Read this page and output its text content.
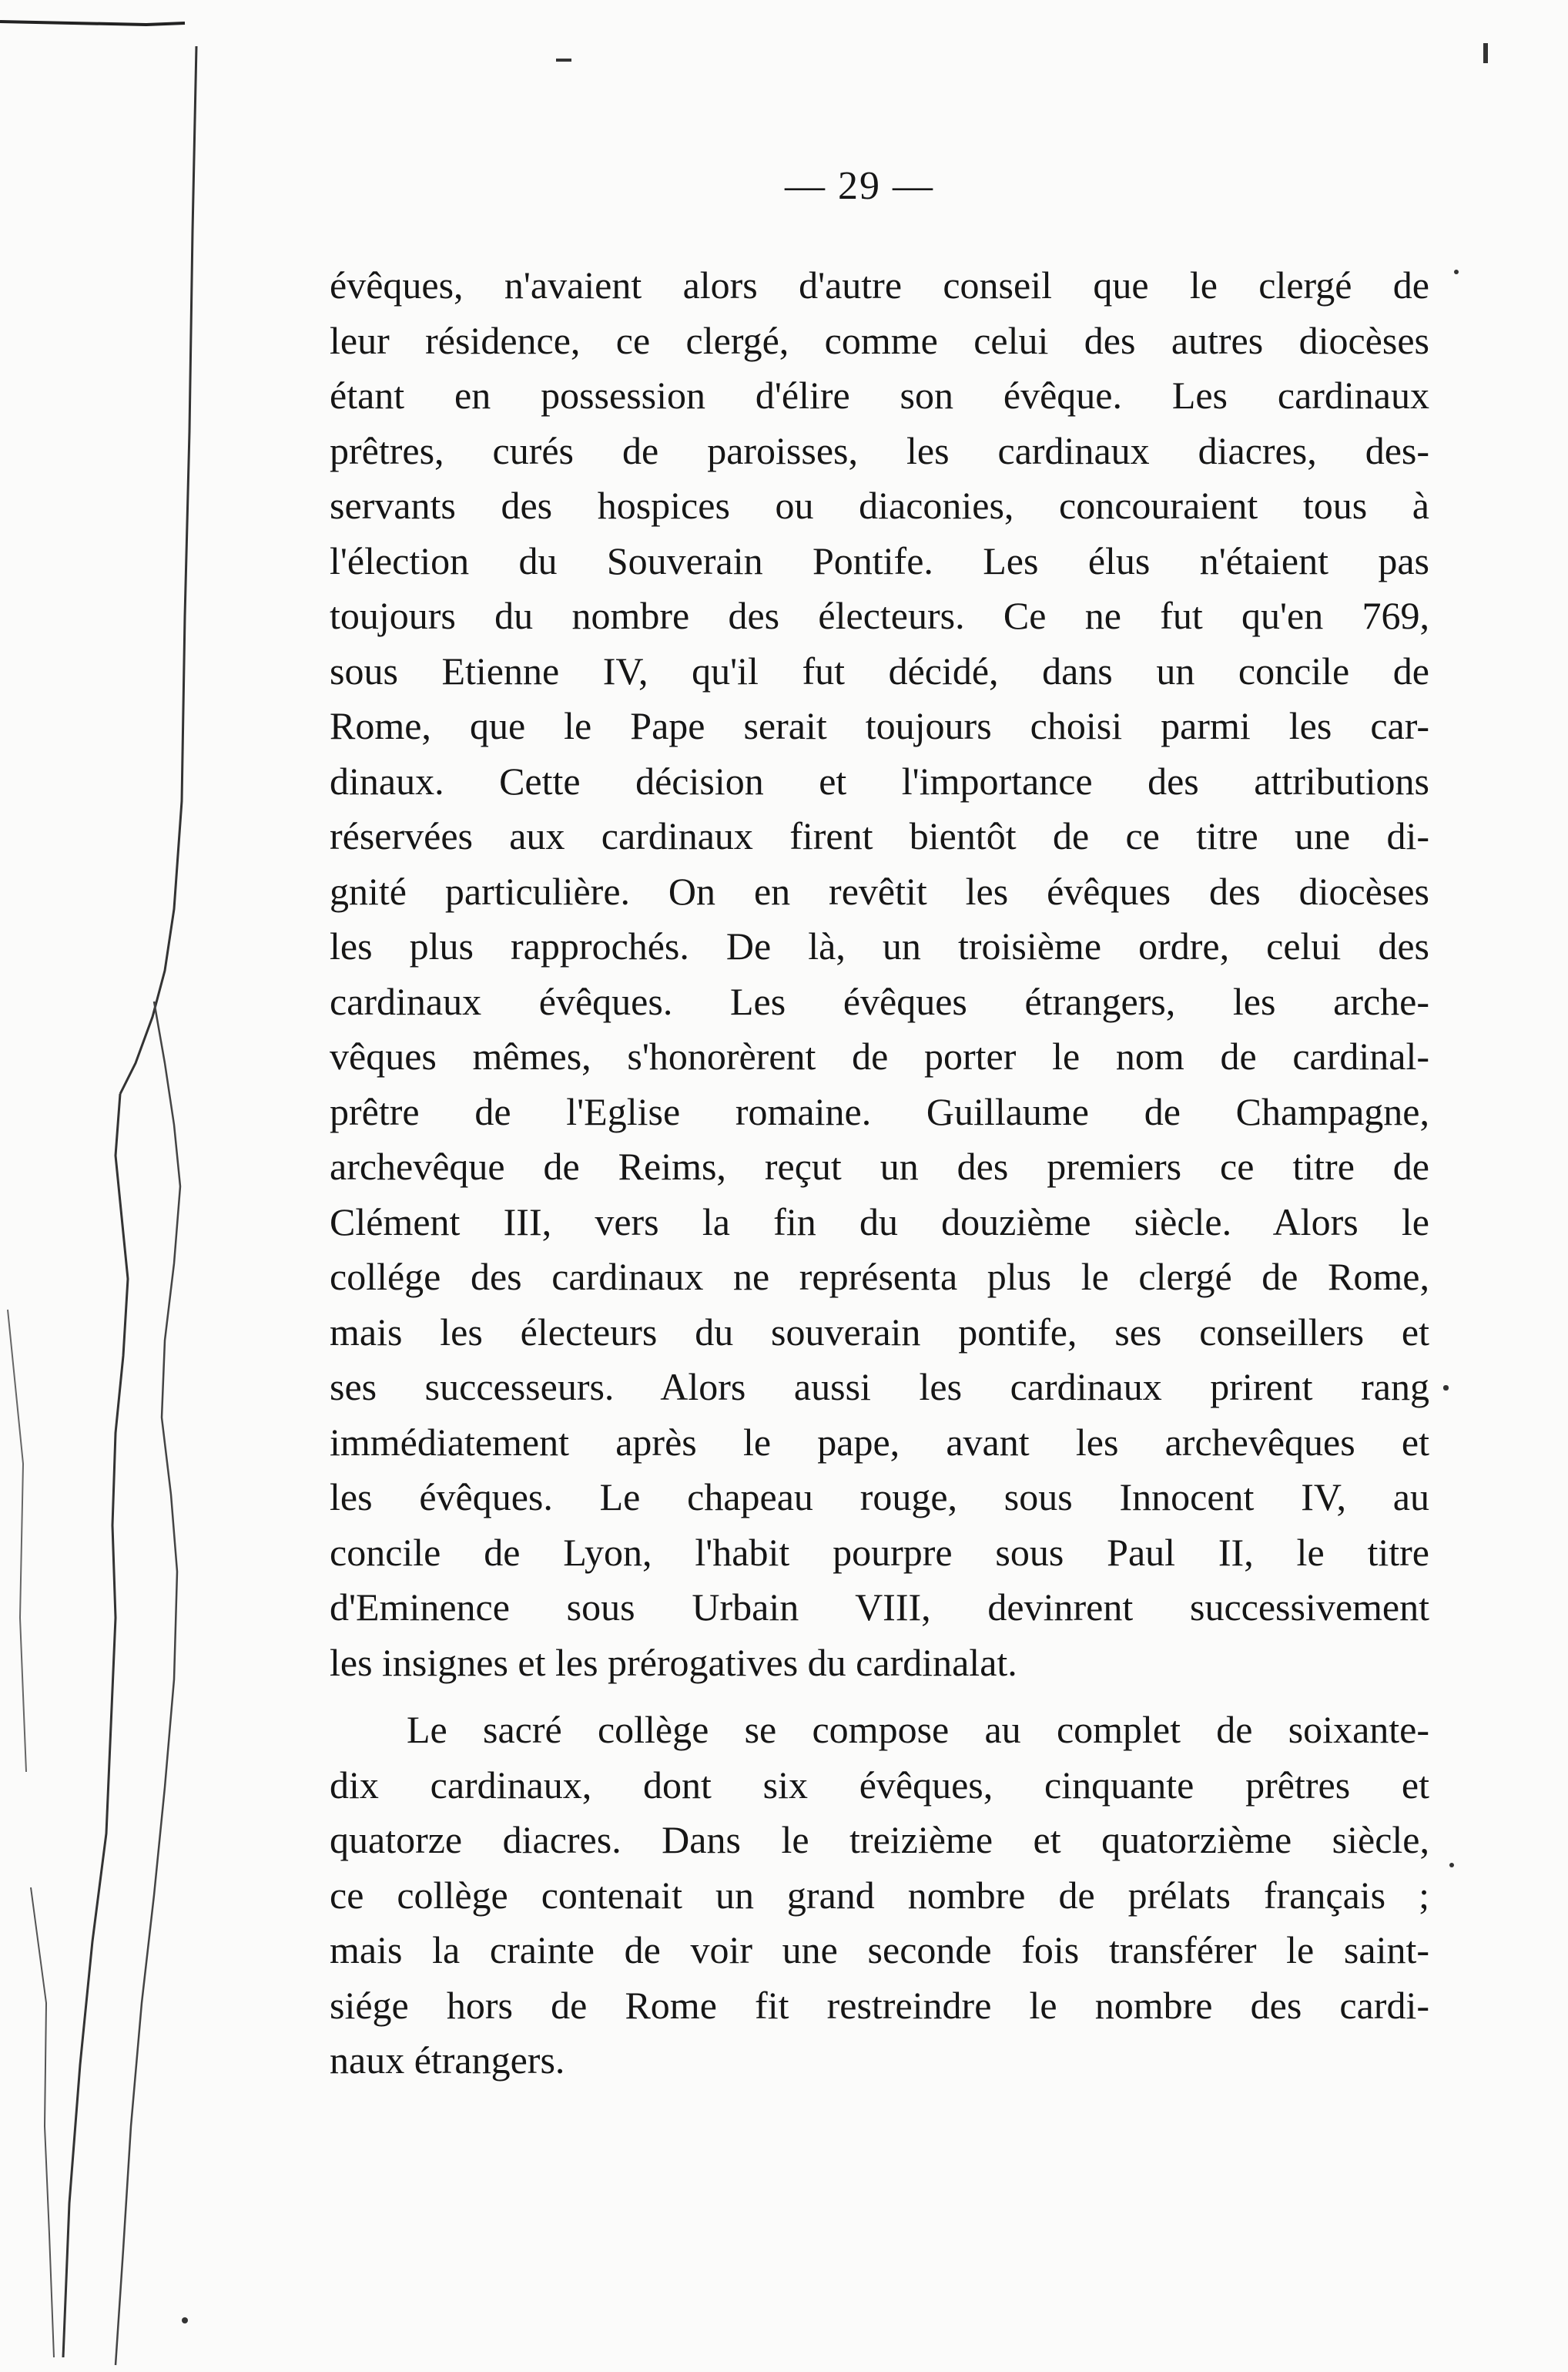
— 29 —

évêques, n'avaient alors d'autre conseil que le clergé de
leur résidence, ce clergé, comme celui des autres diocèses
étant en possession d'élire son évêque. Les cardinaux
prêtres, curés de paroisses, les cardinaux diacres, des-
servants des hospices ou diaconies, concouraient tous à
l'élection du Souverain Pontife. Les élus n'étaient pas
toujours du nombre des électeurs. Ce ne fut qu'en 769,
sous Etienne IV, qu'il fut décidé, dans un concile de
Rome, que le Pape serait toujours choisi parmi les car-
dinaux. Cette décision et l'importance des attributions
réservées aux cardinaux firent bientôt de ce titre une di-
gnité particulière. On en revêtit les évêques des diocèses
les plus rapprochés. De là, un troisième ordre, celui des
cardinaux évêques. Les évêques étrangers, les arche-
vêques mêmes, s'honorèrent de porter le nom de cardinal-
prêtre de l'Eglise romaine. Guillaume de Champagne,
archevêque de Reims, reçut un des premiers ce titre de
Clément III, vers la fin du douzième siècle. Alors le
collége des cardinaux ne représenta plus le clergé de Rome,
mais les électeurs du souverain pontife, ses conseillers et
ses successeurs. Alors aussi les cardinaux prirent rang
immédiatement après le pape, avant les archevêques et
les évêques. Le chapeau rouge, sous Innocent IV, au
concile de Lyon, l'habit pourpre sous Paul II, le titre
d'Eminence sous Urbain VIII, devinrent successivement
les insignes et les prérogatives du cardinalat.

Le sacré collège se compose au complet de soixante-
dix cardinaux, dont six évêques, cinquante prêtres et
quatorze diacres. Dans le treizième et quatorzième siècle,
ce collège contenait un grand nombre de prélats français ;
mais la crainte de voir une seconde fois transférer le saint-
siége hors de Rome fit restreindre le nombre des cardi-
naux étrangers.
